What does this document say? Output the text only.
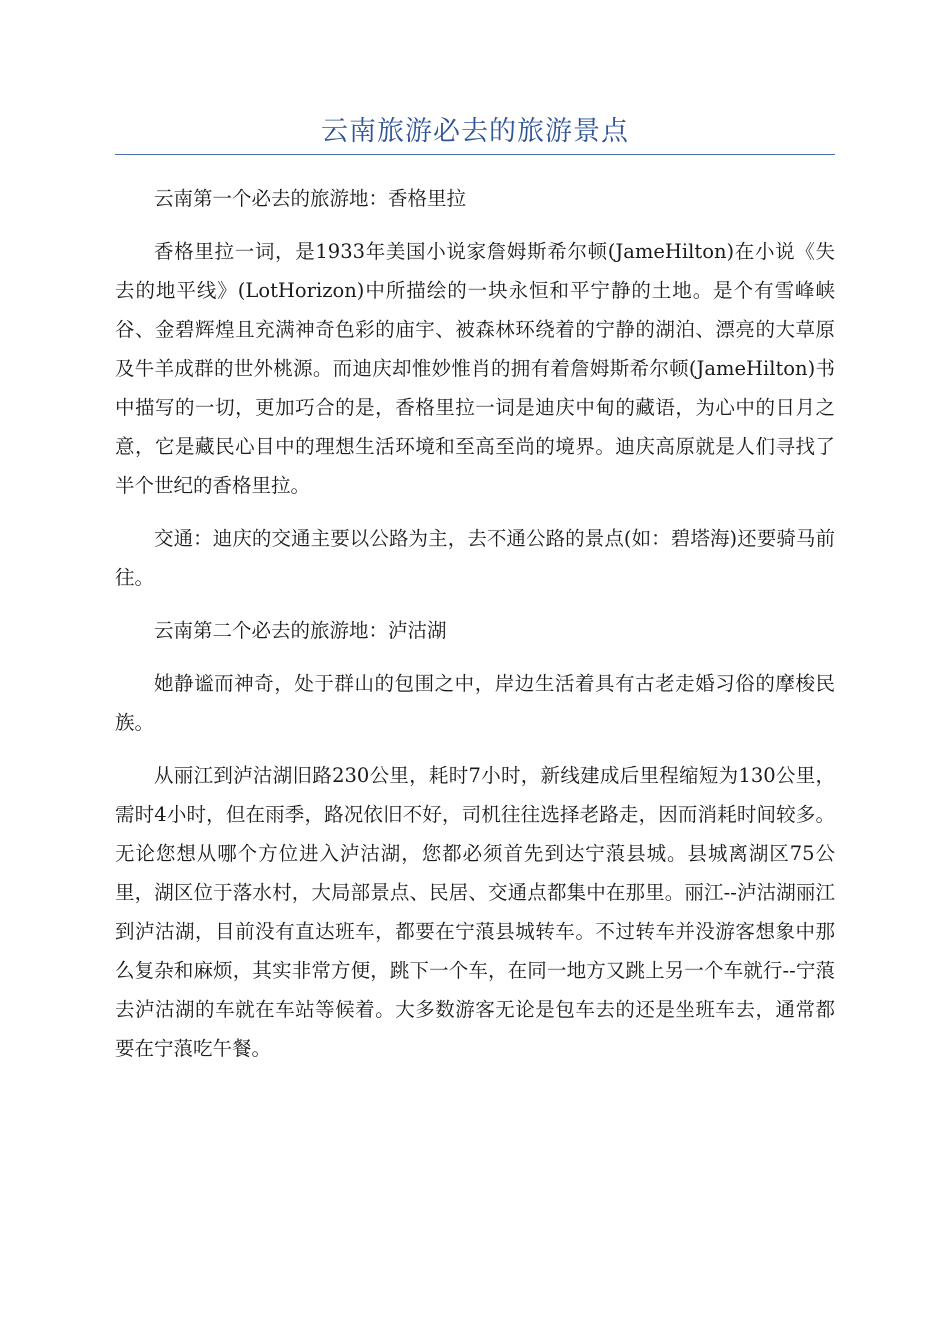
云南旅游必去的旅游景点

云南第一个必去的旅游地：香格里拉

香格里拉一词，是1933年美国小说家詹姆斯希尔顿(JameHilton)在小说《失去的地平线》(LotHorizon)中所描绘的一块永恒和平宁静的土地。是个有雪峰峡谷、金碧辉煌且充满神奇色彩的庙宇、被森林环绕着的宁静的湖泊、漂亮的大草原及牛羊成群的世外桃源。而迪庆却惟妙惟肖的拥有着詹姆斯希尔顿(JameHilton)书中描写的一切，更加巧合的是，香格里拉一词是迪庆中甸的藏语，为心中的日月之意，它是藏民心目中的理想生活环境和至高至尚的境界。迪庆高原就是人们寻找了半个世纪的香格里拉。

交通：迪庆的交通主要以公路为主，去不通公路的景点(如：碧塔海)还要骑马前往。

云南第二个必去的旅游地：泸沽湖

她静谧而神奇，处于群山的包围之中，岸边生活着具有古老走婚习俗的摩梭民族。

从丽江到泸沽湖旧路230公里，耗时7小时，新线建成后里程缩短为130公里，需时4小时，但在雨季，路况依旧不好，司机往往选择老路走，因而消耗时间较多。无论您想从哪个方位进入泸沽湖，您都必须首先到达宁蒗县城。县城离湖区75公里，湖区位于落水村，大局部景点、民居、交通点都集中在那里。丽江--泸沽湖丽江到泸沽湖，目前没有直达班车，都要在宁蒗县城转车。不过转车并没游客想象中那么复杂和麻烦，其实非常方便，跳下一个车，在同一地方又跳上另一个车就行--宁蒗去泸沽湖的车就在车站等候着。大多数游客无论是包车去的还是坐班车去，通常都要在宁蒗吃午餐。
